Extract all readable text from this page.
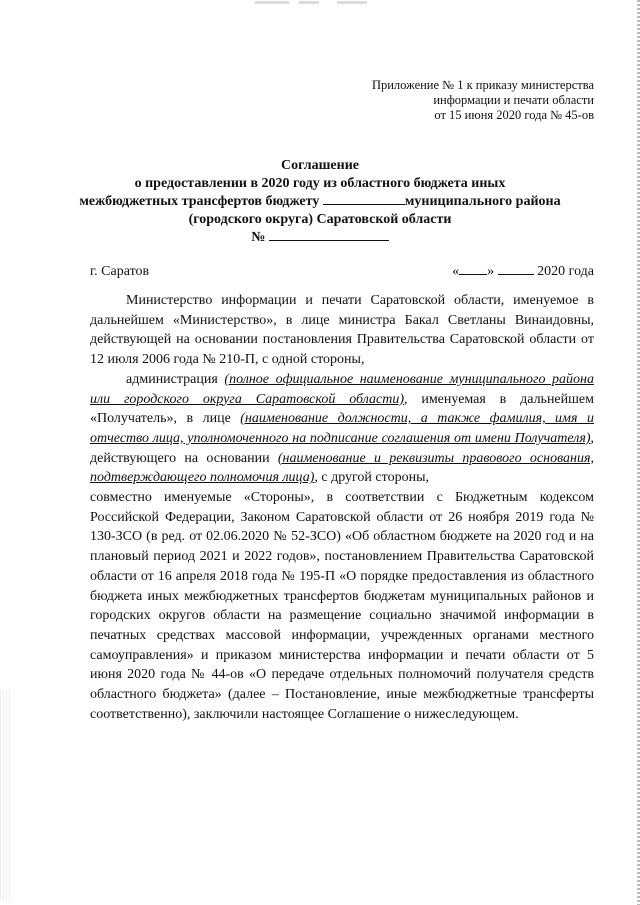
Приложение № 1 к приказу министерства
информации и печати области
от 15 июня 2020 года № 45-ов
Соглашение
о предоставлении в 2020 году из областного бюджета иных
межбюджетных трансфертов бюджету	муниципального района
(городского округа) Саратовской области
№
г. Саратов	« »	2020 года

Министерство информации и печати Саратовской области, именуемое в дальнейшем «Министерство», в лице министра Бакал Светланы Винаидовны, действующей на основании постановления Правительства Саратовской области от 12 июля 2006 года № 210-П, с одной стороны,

администрация (полное официальное наименование муниципального района или городского округа Саратовской области), именуемая в дальнейшем «Получатель», в лице (наименование должности, а также фамилия, имя и отчество лица, уполномоченного на подписание соглашения от имени Получателя), действующего на основании (наименование и реквизиты правового основания, подтверждающего полномочия лица), с другой стороны,

совместно именуемые «Стороны», в соответствии с Бюджетным кодексом Российской Федерации, Законом Саратовской области от 26 ноября 2019 года № 130-ЗСО (в ред. от 02.06.2020 № 52-ЗСО) «Об областном бюджете на 2020 год и на плановый период 2021 и 2022 годов», постановлением Правительства Саратовской области от 16 апреля 2018 года № 195-П «О порядке предоставления из областного бюджета иных межбюджетных трансфертов бюджетам муниципальных районов и городских округов области на размещение социально значимой информации в печатных средствах массовой информации, учрежденных органами местного самоуправления» и приказом министерства информации и печати области от 5 июня 2020 года № 44-ов «О передаче отдельных полномочий получателя средств областного бюджета» (далее – Постановление, иные межбюджетные трансферты соответственно), заключили настоящее Соглашение о нижеследующем.
